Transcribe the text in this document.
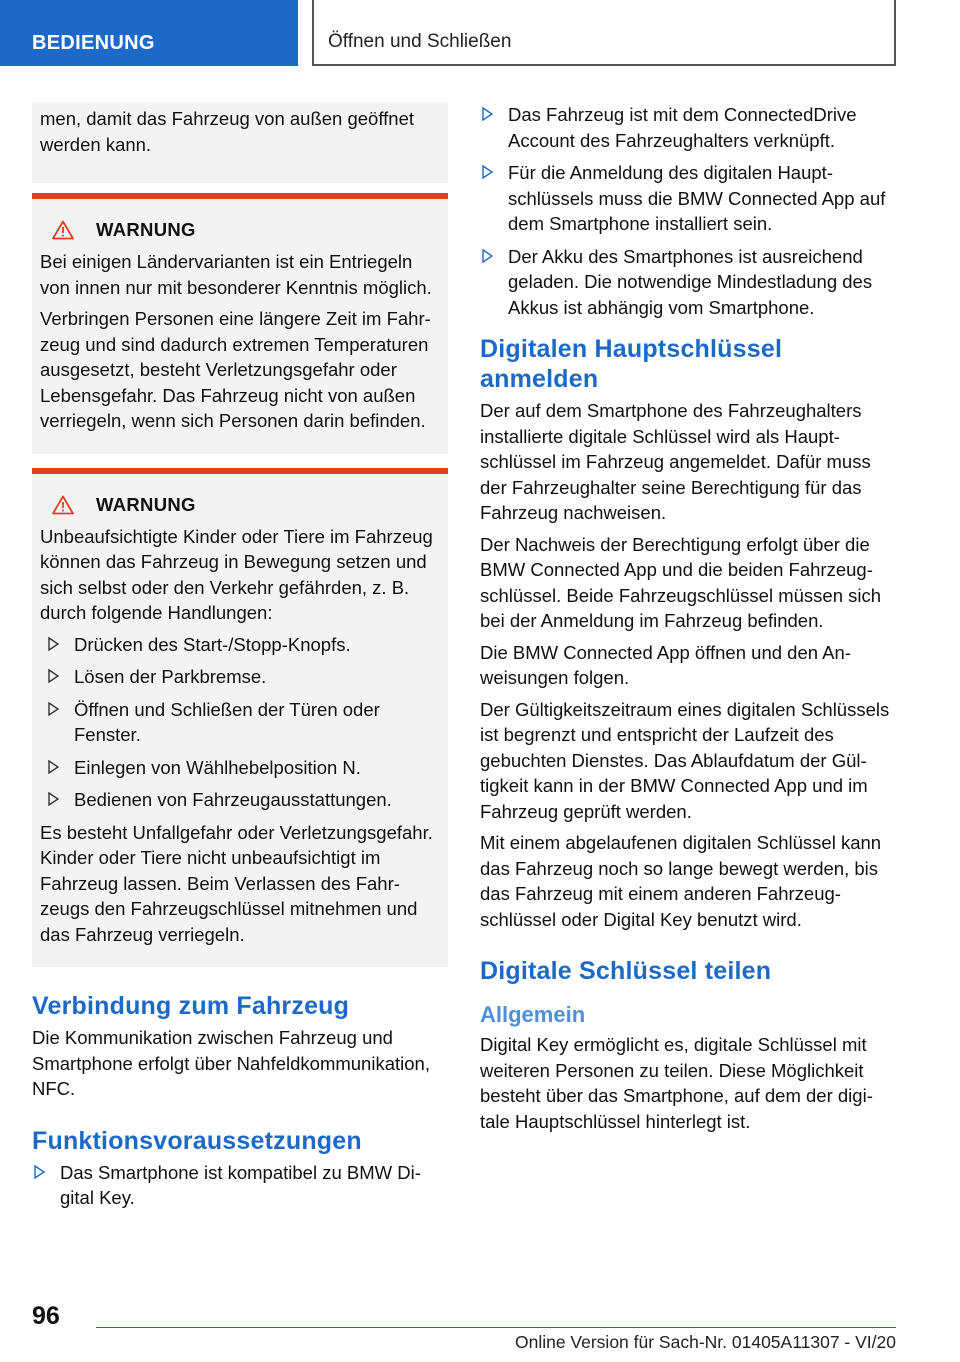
BEDIENUNG	Öffnen und Schließen

men, damit das Fahrzeug von außen geöffnet werden kann.

WARNUNG

Bei einigen Ländervarianten ist ein Entriegeln von innen nur mit besonderer Kenntnis möglich.

Verbringen Personen eine längere Zeit im Fahrzeug und sind dadurch extremen Temperaturen ausgesetzt, besteht Verletzungsgefahr oder Lebensgefahr. Das Fahrzeug nicht von außen verriegeln, wenn sich Personen darin befinden.

WARNUNG

Unbeaufsichtigte Kinder oder Tiere im Fahrzeug können das Fahrzeug in Bewegung setzen und sich selbst oder den Verkehr gefährden, z. B. durch folgende Handlungen:

Drücken des Start-/Stopp-Knopfs.
Lösen der Parkbremse.
Öffnen und Schließen der Türen oder Fenster.
Einlegen von Wählhebelposition N.
Bedienen von Fahrzeugausstattungen.

Es besteht Unfallgefahr oder Verletzungsgefahr. Kinder oder Tiere nicht unbeaufsichtigt im Fahrzeug lassen. Beim Verlassen des Fahrzeugs den Fahrzeugschlüssel mitnehmen und das Fahrzeug verriegeln.

Verbindung zum Fahrzeug

Die Kommunikation zwischen Fahrzeug und Smartphone erfolgt über Nahfeldkommunikation, NFC.

Funktionsvoraussetzungen
Das Smartphone ist kompatibel zu BMW Digital Key.
Das Fahrzeug ist mit dem ConnectedDrive Account des Fahrzeughalters verknüpft.
Für die Anmeldung des digitalen Hauptschlüssels muss die BMW Connected App auf dem Smartphone installiert sein.
Der Akku des Smartphones ist ausreichend geladen. Die notwendige Mindestladung des Akkus ist abhängig vom Smartphone.
Digitalen Hauptschlüssel anmelden

Der auf dem Smartphone des Fahrzeughalters installierte digitale Schlüssel wird als Hauptschlüssel im Fahrzeug angemeldet. Dafür muss der Fahrzeughalter seine Berechtigung für das Fahrzeug nachweisen.

Der Nachweis der Berechtigung erfolgt über die BMW Connected App und die beiden Fahrzeugschlüssel. Beide Fahrzeugschlüssel müssen sich bei der Anmeldung im Fahrzeug befinden.

Die BMW Connected App öffnen und den Anweisungen folgen.

Der Gültigkeitszeitraum eines digitalen Schlüssels ist begrenzt und entspricht der Laufzeit des gebuchten Dienstes. Das Ablaufdatum der Gültigkeit kann in der BMW Connected App und im Fahrzeug geprüft werden.

Mit einem abgelaufenen digitalen Schlüssel kann das Fahrzeug noch so lange bewegt werden, bis das Fahrzeug mit einem anderen Fahrzeugschlüssel oder Digital Key benutzt wird.

Digitale Schlüssel teilen
Allgemein

Digital Key ermöglicht es, digitale Schlüssel mit weiteren Personen zu teilen. Diese Möglichkeit besteht über das Smartphone, auf dem der digitale Hauptschlüssel hinterlegt ist.

96
Online Version für Sach-Nr. 01405A11307 - VI/20
